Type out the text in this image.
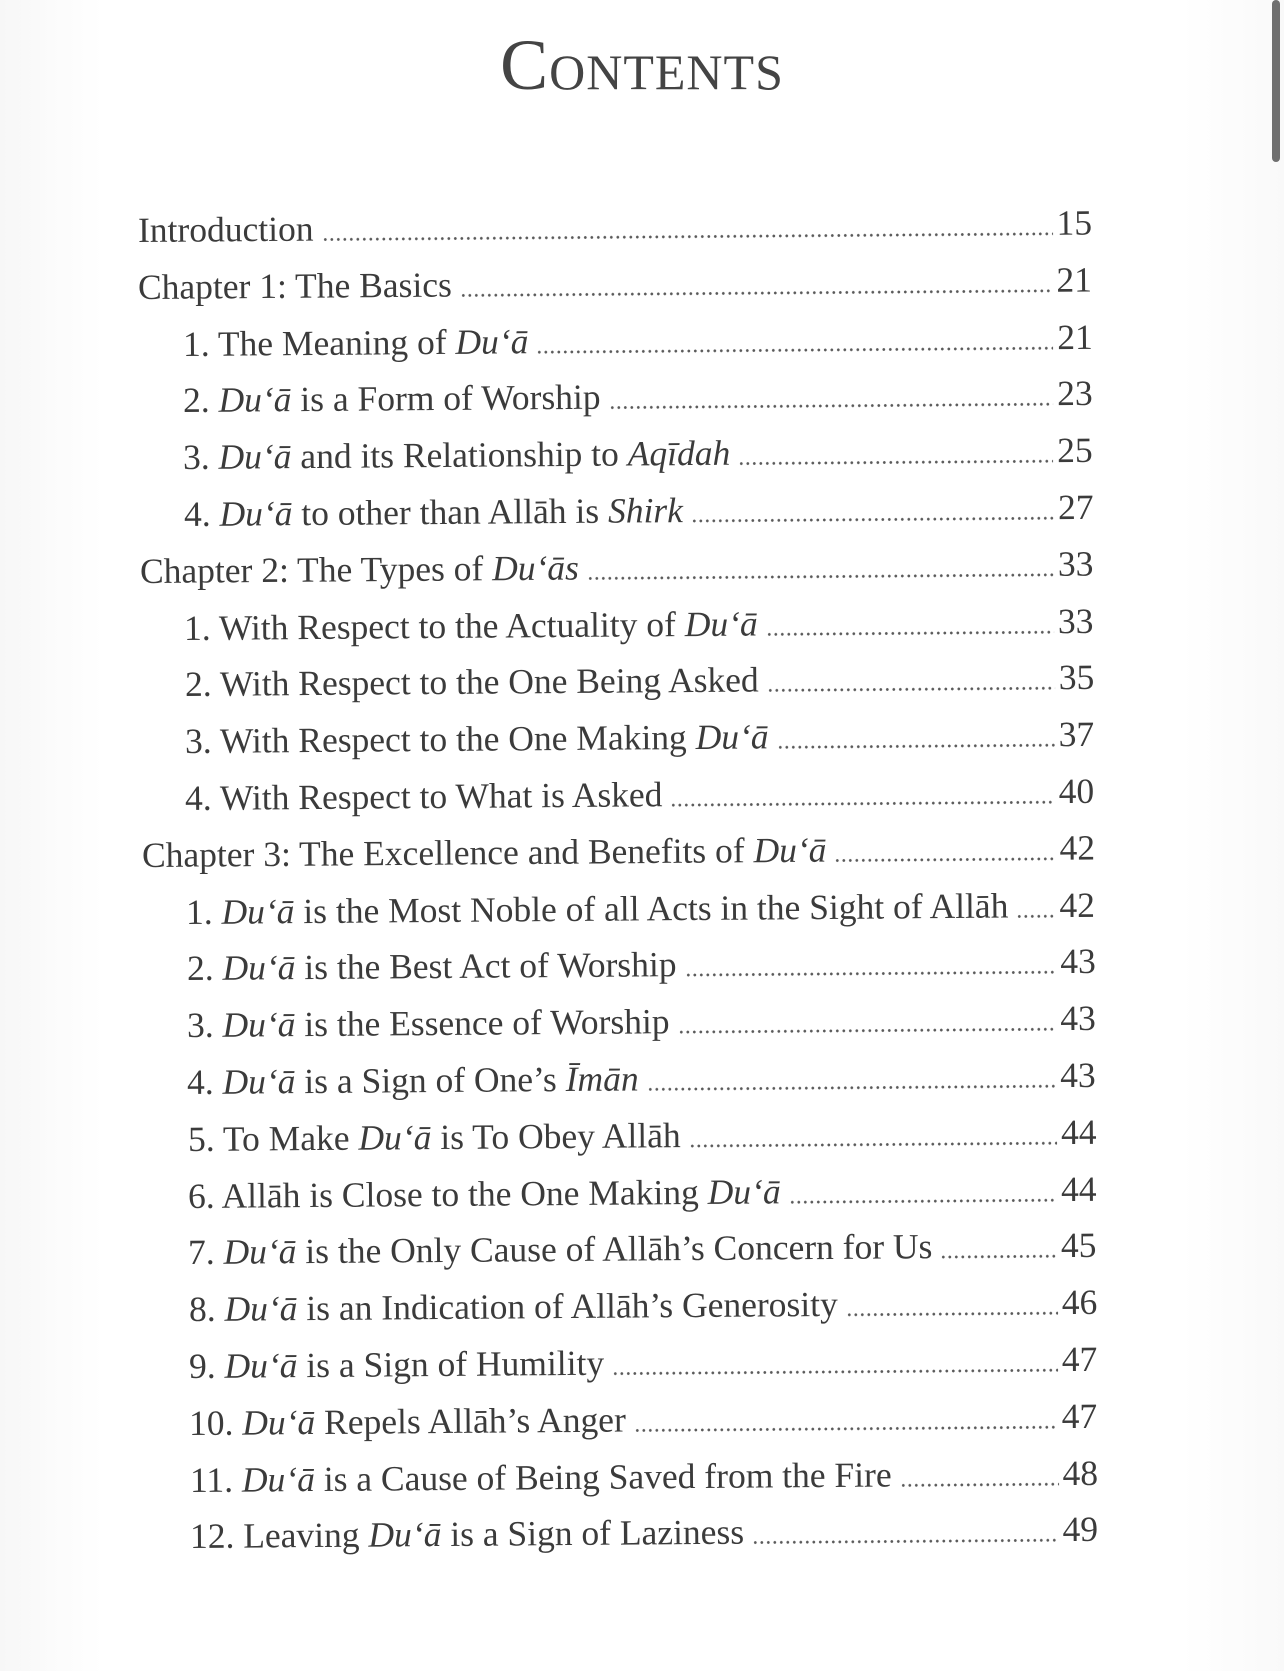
Contents
Introduction	15
Chapter 1: The Basics	21
1. The Meaning of Du‘ā	21
2. Du‘ā is a Form of Worship	23
3. Du‘ā and its Relationship to Aqīdah	25
4. Du‘ā to other than Allāh is Shirk	27
Chapter 2: The Types of Du‘ās	33
1. With Respect to the Actuality of Du‘ā	33
2. With Respect to the One Being Asked	35
3. With Respect to the One Making Du‘ā	37
4. With Respect to What is Asked	40
Chapter 3: The Excellence and Benefits of Du‘ā	42
1. Du‘ā is the Most Noble of all Acts in the Sight of Allāh 42
2. Du‘ā is the Best Act of Worship	43
3. Du‘ā is the Essence of Worship	43
4. Du‘ā is a Sign of One’s Īmān	43
5. To Make Du‘ā is To Obey Allāh	44
6. Allāh is Close to the One Making Du‘ā	44
7. Du‘ā is the Only Cause of Allāh’s Concern for Us	45
8. Du‘ā is an Indication of Allāh’s Generosity	46
9. Du‘ā is a Sign of Humility	47
10. Du‘ā Repels Allāh’s Anger	47
11. Du‘ā is a Cause of Being Saved from the Fire	48
12. Leaving Du‘ā is a Sign of Laziness	49
